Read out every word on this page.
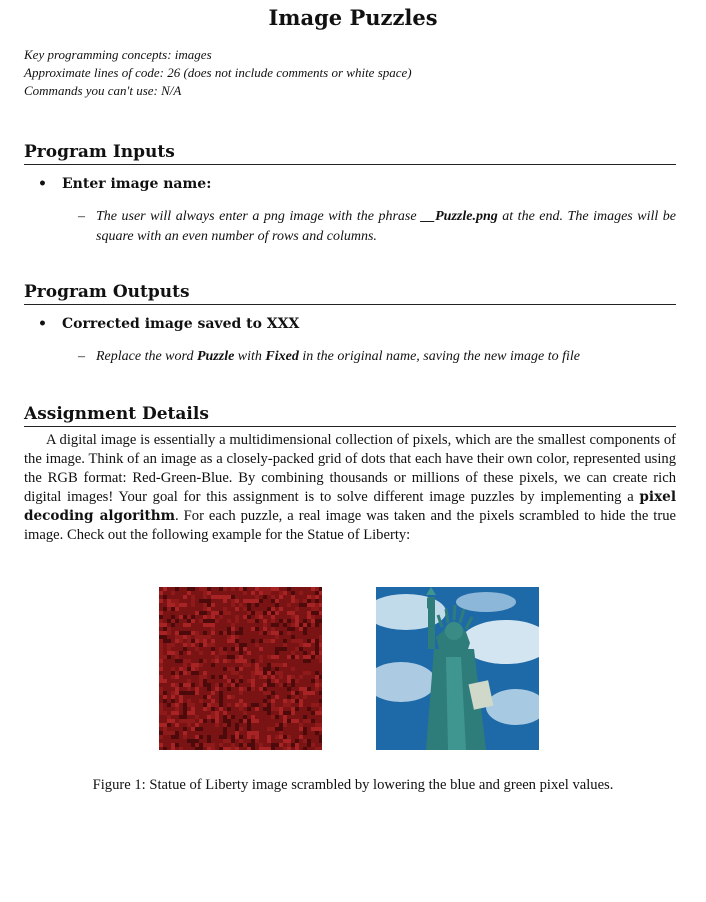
Image Puzzles
Key programming concepts: images
Approximate lines of code: 26 (does not include comments or white space)
Commands you can't use: N/A
Program Inputs
• Enter image name:
– The user will always enter a png image with the phrase __Puzzle.png at the end. The images will be square with an even number of rows and columns.
Program Outputs
• Corrected image saved to XXX
– Replace the word Puzzle with Fixed in the original name, saving the new image to file
Assignment Details

A digital image is essentially a multidimensional collection of pixels, which are the smallest components of the image. Think of an image as a closely-packed grid of dots that each have their own color, represented using the RGB format: Red-Green-Blue. By combining thousands or millions of these pixels, we can create rich digital images! Your goal for this assignment is to solve different image puzzles by implementing a pixel decoding algorithm. For each puzzle, a real image was taken and the pixels scrambled to hide the true image. Check out the following example for the Statue of Liberty:

Figure 1: Statue of Liberty image scrambled by lowering the blue and green pixel values.
